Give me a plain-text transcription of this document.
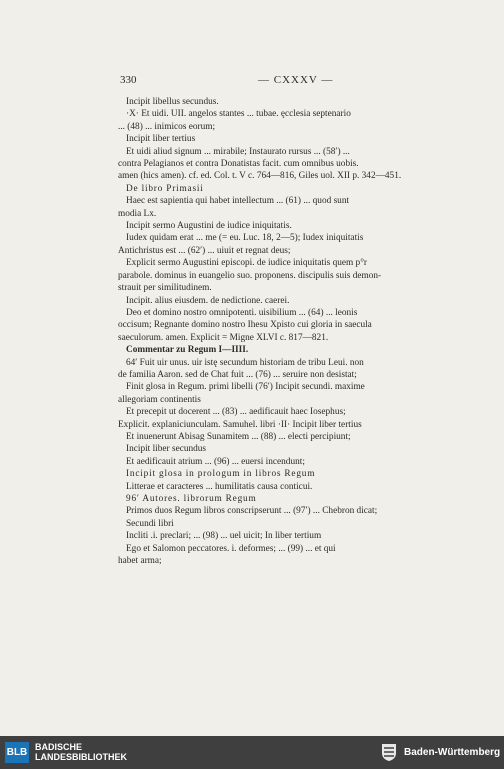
330	— CXXXV —
Incipit libellus secundus.
·X· Et uidi. UII. angelos stantes ... tubae. ęcclesia septenario
... (48) ... inimicos eorum;
Incipit liber tertius
Et uidi aliud signum ... mirabile; Instaurato rursus ... (58′) ...
contra Pelagianos et contra Donatistas facit. cum omnibus uobis.
amen (hics amen). cf. ed. Col. t. V c. 764—816, Giles uol. XII p. 342—451.
De libro Primasii
Haec est sapientia qui habet intellectum ... (61) ... quod sunt
modia Lx.
Incipit sermo Augustini de iudice iniquitatis.
Iudex quidam erat ... me (= eu. Luc. 18, 2—5); Iudex iniquitatis
Antichristus est ... (62′) ... uiuit et regnat deus;
Explicit sermo Augustini episcopi. de iudice iniquitatis quem p°r
parabole. dominus in euangelio suo. proponens. discipulis suis demon-
strauit per similitudinem.
Incipit. alius eiusdem. de nedictione. caerei.
Deo et domino nostro omnipotenti. uisibilium ... (64) ... leonis
occisum; Regnante domino nostro Ihesu Xpisto cui gloria in saecula
saeculorum. amen. Explicit = Migne XLVI c. 817—821.
Commentar zu Regum I—IIII.
64′ Fuit uir unus. uir istę secundum historiam de tribu Leui. non
de familia Aaron. sed de Chat fuit ... (76) ... seruire non desistat;
Finit glosa in Regum. primi libelli (76′) Incipit secundi. maxime
allegoriam continentis
Et precepit ut docerent ... (83) ... aedificauit haec Iosephus;
Explicit. explaniciunculam. Samuhel. libri ·II· Incipit liber tertius
Et inuenerunt Abisag Sunamitem ... (88) ... electi percipiunt;
Incipit liber secundus
Et aedificauit atrium ... (96) ... euersi incendunt;
Incipit glosa in prologum in libros Regum
Litterae et caracteres ... humilitatis causa conticui.
96′ Autores. librorum Regum
Primos duos Regum libros conscripserunt ... (97′) ... Chebron dicat;
Secundi libri
Incliti .i. preclari; ... (98) ... uel uicit; In liber tertium
Ego et Salomon peccatores. i. deformes; ... (99) ... et qui
habet arma;
BLB BADISCHE
LANDESBIBLIOTHEK	Baden-Württemberg
